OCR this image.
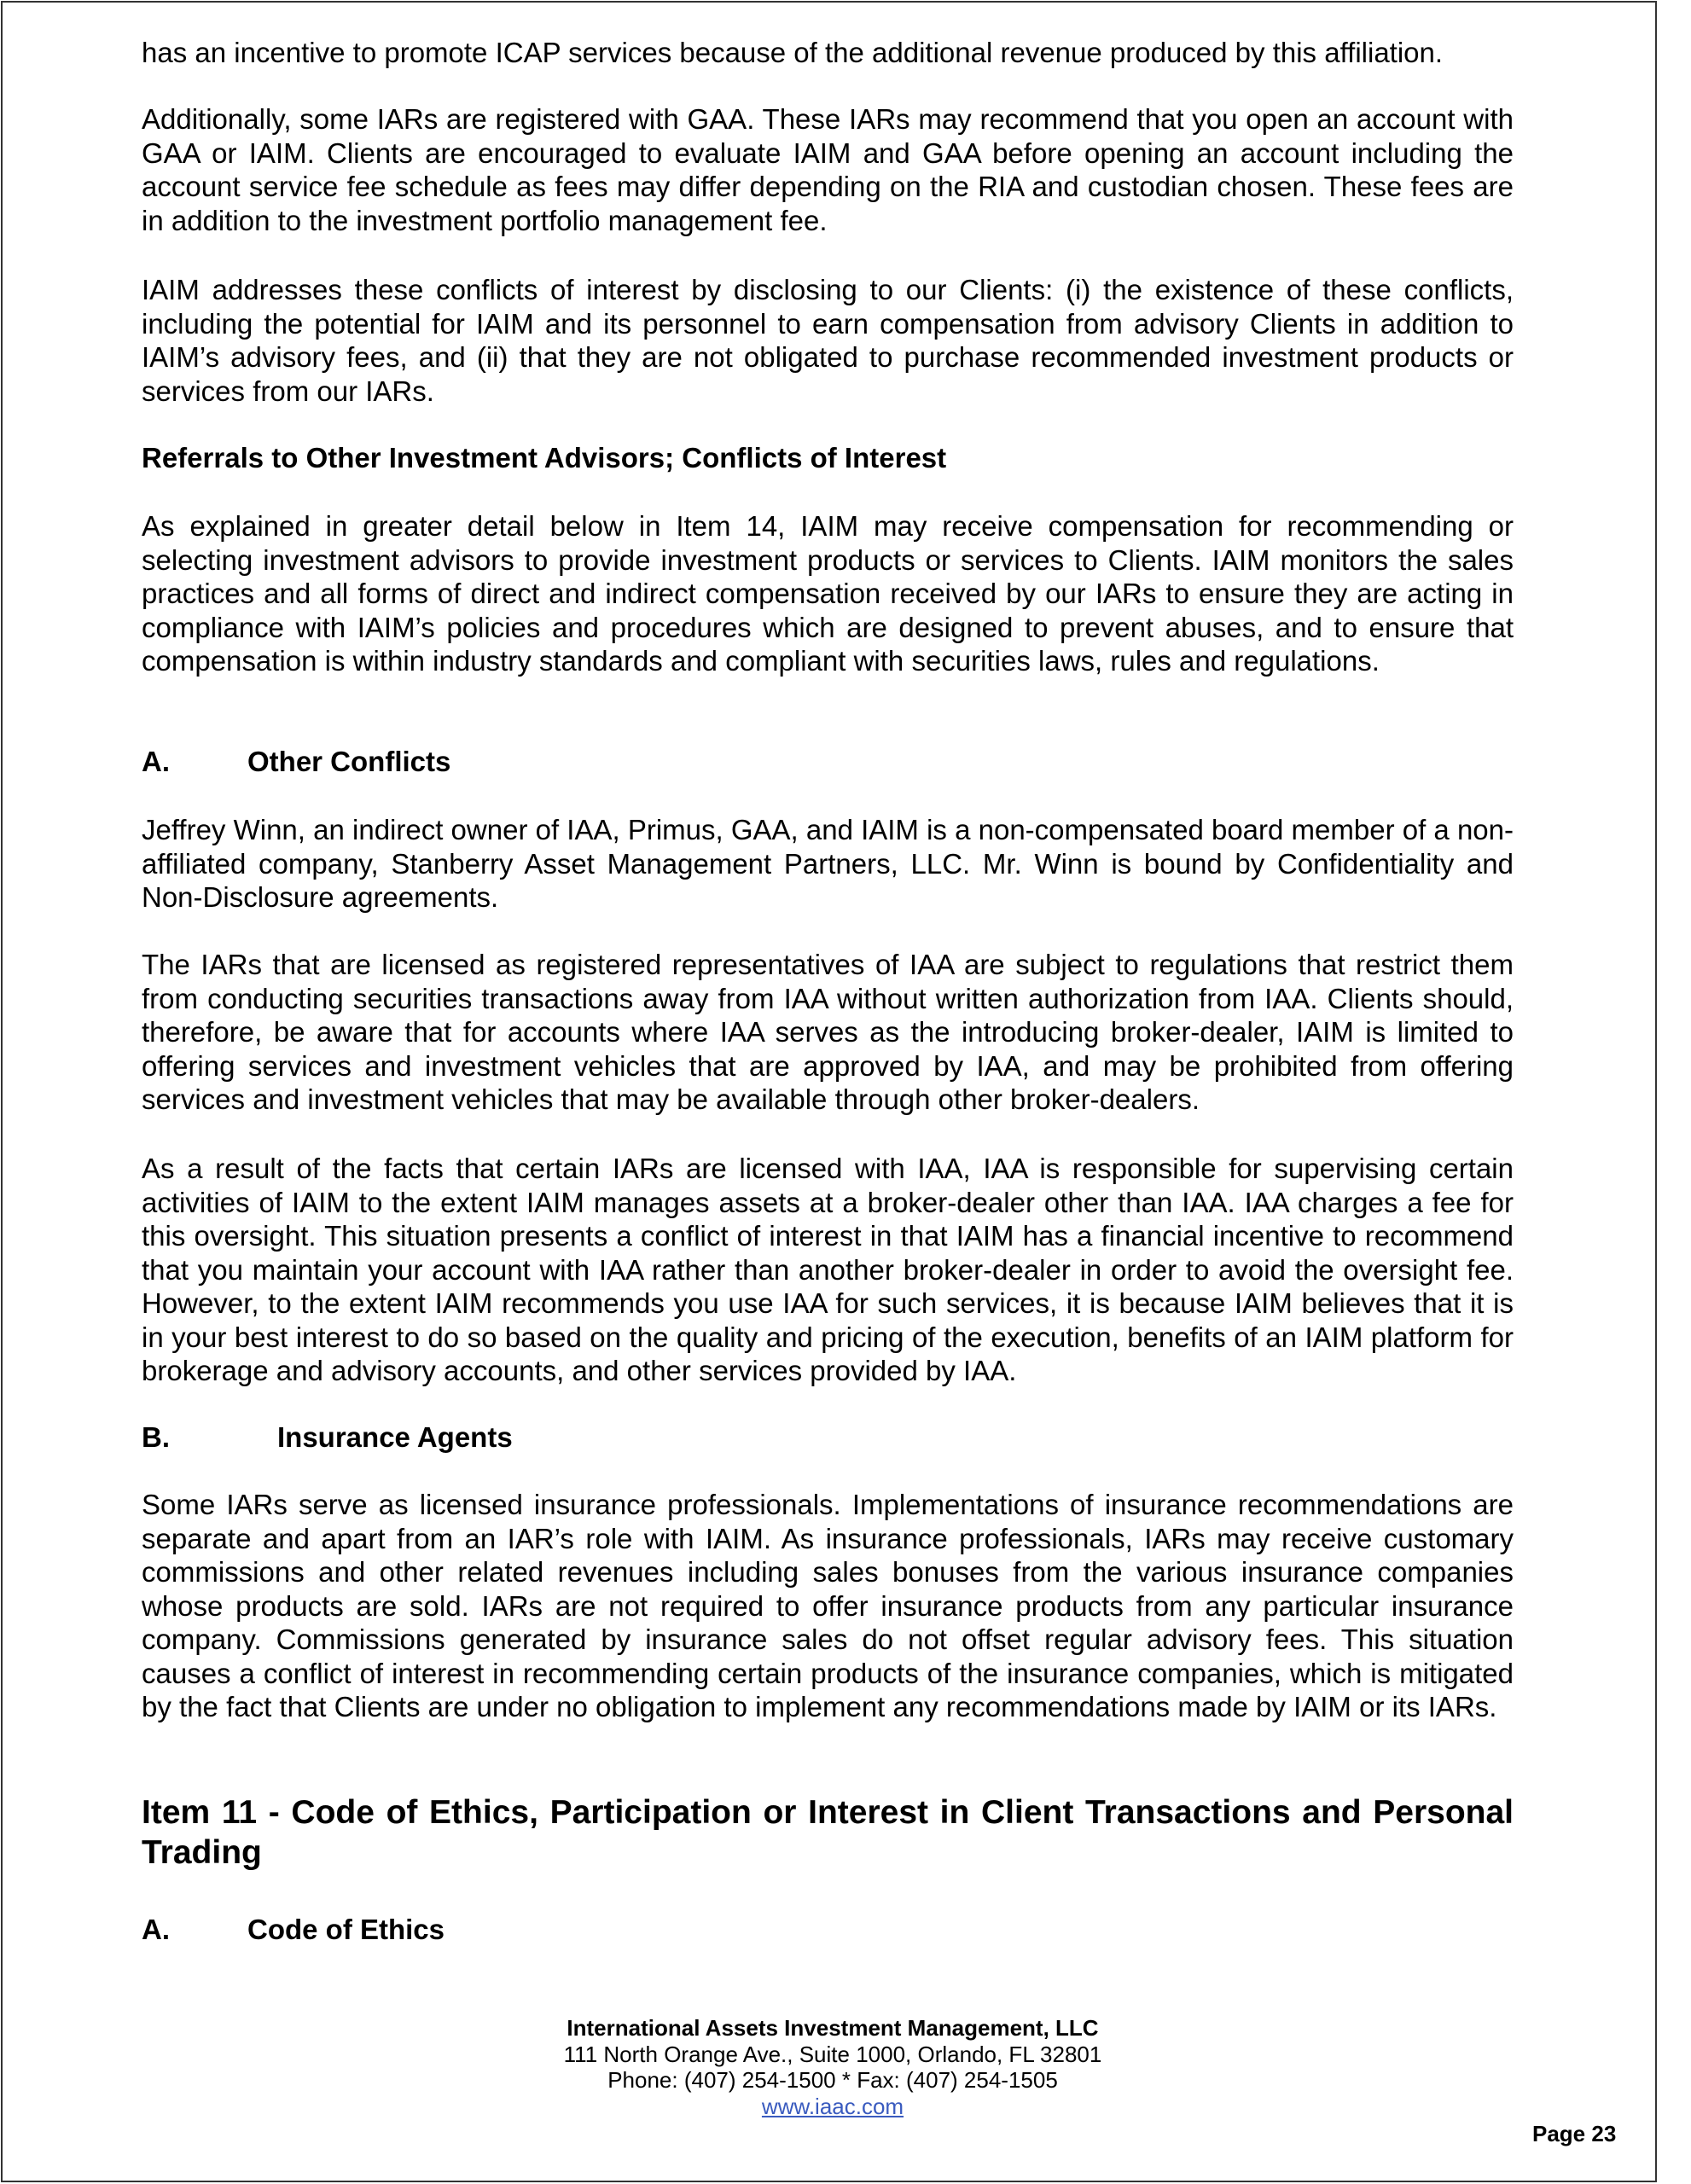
has an incentive to promote ICAP services because of the additional revenue produced by this affiliation.

Additionally, some IARs are registered with GAA. These IARs may recommend that you open an account with GAA or IAIM. Clients are encouraged to evaluate IAIM and GAA before opening an account including the account service fee schedule as fees may differ depending on the RIA and custodian chosen. These fees are in addition to the investment portfolio management fee.

IAIM addresses these conflicts of interest by disclosing to our Clients: (i) the existence of these conflicts, including the potential for IAIM and its personnel to earn compensation from advisory Clients in addition to IAIM’s advisory fees, and (ii) that they are not obligated to purchase recommended investment products or services from our IARs.

Referrals to Other Investment Advisors; Conflicts of Interest

As explained in greater detail below in Item 14, IAIM may receive compensation for recommending or selecting investment advisors to provide investment products or services to Clients. IAIM monitors the sales practices and all forms of direct and indirect compensation received by our IARs to ensure they are acting in compliance with IAIM’s policies and procedures which are designed to prevent abuses, and to ensure that compensation is within industry standards and compliant with securities laws, rules and regulations.

A.	Other Conflicts

Jeffrey Winn, an indirect owner of IAA, Primus, GAA, and IAIM is a non-compensated board member of a non-affiliated company, Stanberry Asset Management Partners, LLC. Mr. Winn is bound by Confidentiality and Non-Disclosure agreements.

The IARs that are licensed as registered representatives of IAA are subject to regulations that restrict them from conducting securities transactions away from IAA without written authorization from IAA. Clients should, therefore, be aware that for accounts where IAA serves as the introducing broker-dealer, IAIM is limited to offering services and investment vehicles that are approved by IAA, and may be prohibited from offering services and investment vehicles that may be available through other broker-dealers.

As a result of the facts that certain IARs are licensed with IAA, IAA is responsible for supervising certain activities of IAIM to the extent IAIM manages assets at a broker-dealer other than IAA. IAA charges a fee for this oversight. This situation presents a conflict of interest in that IAIM has a financial incentive to recommend that you maintain your account with IAA rather than another broker-dealer in order to avoid the oversight fee. However, to the extent IAIM recommends you use IAA for such services, it is because IAIM believes that it is in your best interest to do so based on the quality and pricing of the execution, benefits of an IAIM platform for brokerage and advisory accounts, and other services provided by IAA.

B.	Insurance Agents

Some IARs serve as licensed insurance professionals. Implementations of insurance recommendations are separate and apart from an IAR’s role with IAIM. As insurance professionals, IARs may receive customary commissions and other related revenues including sales bonuses from the various insurance companies whose products are sold. IARs are not required to offer insurance products from any particular insurance company. Commissions generated by insurance sales do not offset regular advisory fees. This situation causes a conflict of interest in recommending certain products of the insurance companies, which is mitigated by the fact that Clients are under no obligation to implement any recommendations made by IAIM or its IARs.

Item 11 - Code of Ethics, Participation or Interest in Client Transactions and Personal Trading
A.	Code of Ethics
International Assets Investment Management, LLC
111 North Orange Ave., Suite 1000, Orlando, FL 32801
Phone: (407) 254-1500 * Fax: (407) 254-1505
www.iaac.com
Page 23
